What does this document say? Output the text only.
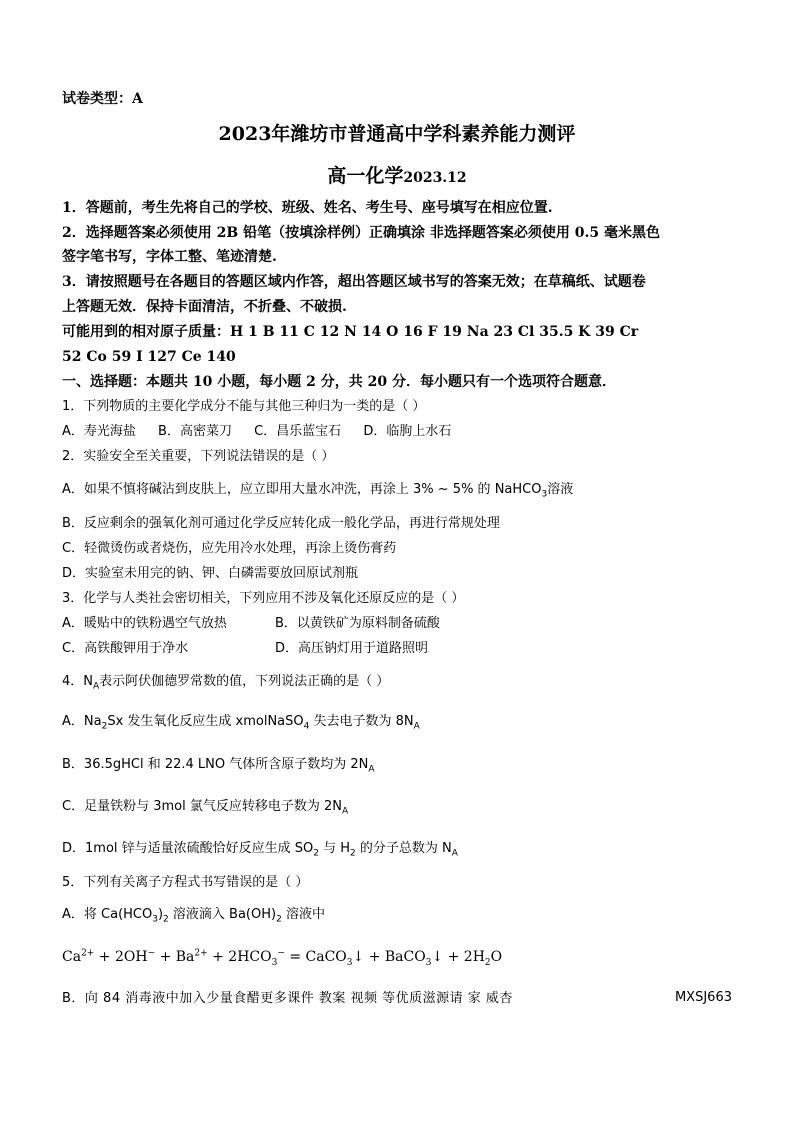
试卷类型：A
2023年潍坊市普通高中学科素养能力测评
高一化学2023.12
1．答题前，考生先将自己的学校、班级、姓名、考生号、座号填写在相应位置.
2．选择题答案必须使用 2B 铅笔（按填涂样例）正确填涂 非选择题答案必须使用 0.5 毫米黑色
签字笔书写，字体工整、笔迹清楚.
3．请按照题号在各题目的答题区域内作答，超出答题区域书写的答案无效；在草稿纸、试题卷
上答题无效．保持卡面清洁，不折叠、不破损.
可能用到的相对原子质量：H 1 B 11 C 12 N 14 O 16 F 19 Na 23 Cl 35.5 K 39 Cr
52 Co 59 I 127 Ce 140
一、选择题：本题共 10 小题，每小题 2 分，共 20 分．每小题只有一个选项符合题意．
1．下列物质的主要化学成分不能与其他三种归为一类的是（ ）
A．寿光海盐 B．高密菜刀 C．昌乐蓝宝石 D．临朐上水石
2．实验安全至关重要，下列说法错误的是（ ）
A．如果不慎将碱沾到皮肤上，应立即用大量水冲洗，再涂上 3% ~ 5% 的 NaHCO$_3$溶液
B．反应剩余的强氧化剂可通过化学反应转化成一般化学品，再进行常规处理
C．轻微烫伤或者烧伤，应先用冷水处理，再涂上烫伤膏药
D．实验室未用完的钠、钾、白磷需要放回原试剂瓶
3．化学与人类社会密切相关，下列应用不涉及氧化还原反应的是（ ）
A．暖贴中的铁粉遇空气放热	B．以黄铁矿为原料制备硫酸
C．高铁酸钾用于净水	D．高压钠灯用于道路照明
4．$N_A$表示阿伏伽德罗常数的值，下列说法正确的是（ ）
A．$Na_2Sx$ 发生氧化反应生成 xmolNaSO$_4$ 失去电子数为 $8N_A$
B．36.5gHCl 和 22.4 LNO 气体所含原子数均为 $2N_A$
C．足量铁粉与 3mol 氯气反应转移电子数为 $2N_A$
D．1mol 锌与适量浓硫酸恰好反应生成 $SO_2$ 与 $H_2$ 的分子总数为 $N_A$
5．下列有关离子方程式书写错误的是（ ）
A．将 $Ca(HCO_3)_2$ 溶液滴入 $Ba(OH)_2$ 溶液中
$Ca^{2+} + 2OH^- + Ba^{2+} + 2HCO_3^-$ = CaCO$_3$↓ + BaCO$_3$↓ + $2H_2O$
B．向 84 消毒液中加入少量食醋更多课件 教案 视频 等优质滋源请 家 威杏	MXSJ663
